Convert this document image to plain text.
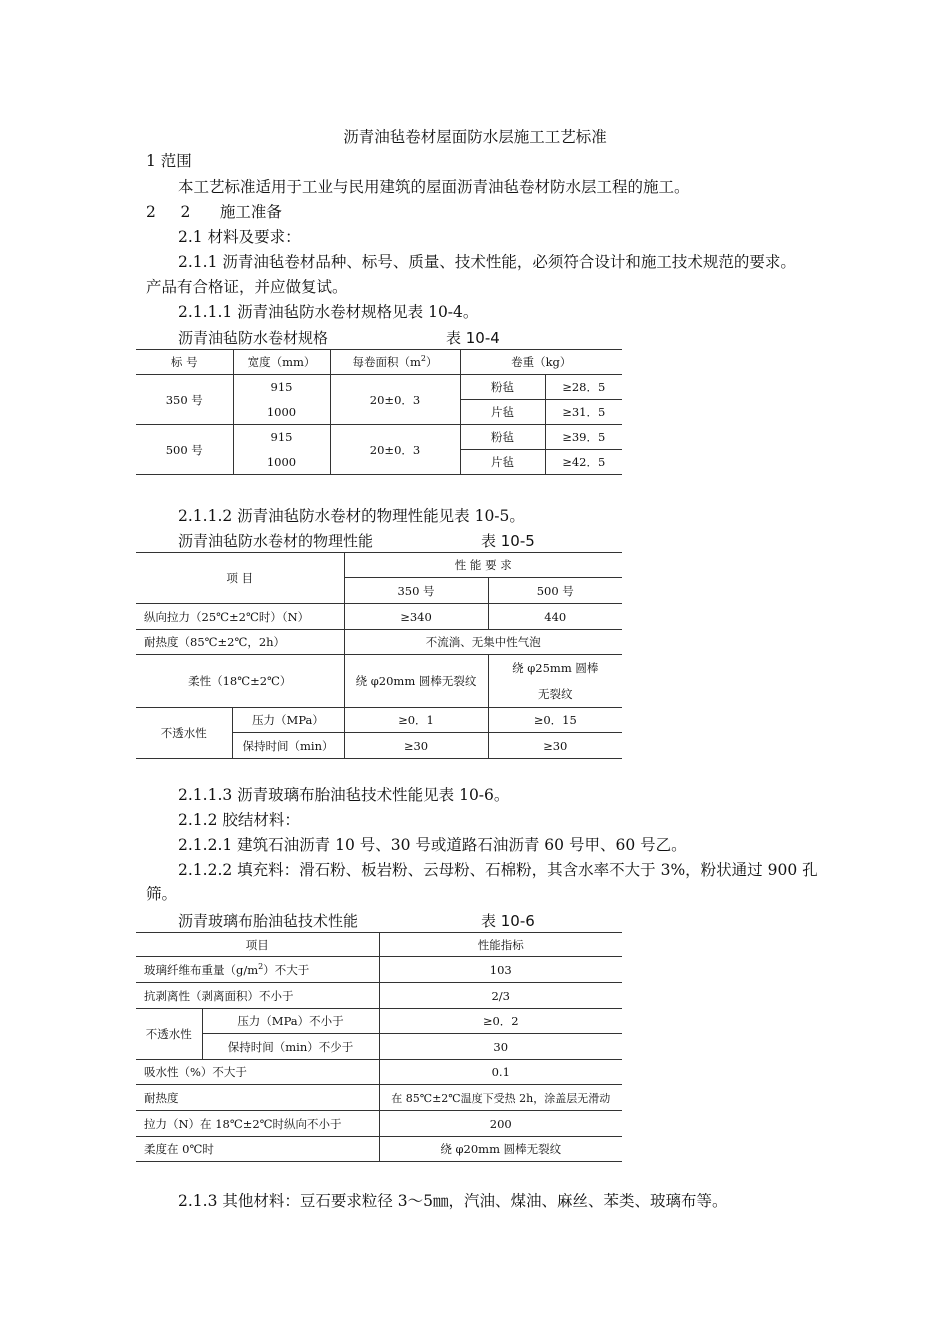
沥青油毡卷材屋面防水层施工工艺标准
1 范围
本工艺标准适用于工业与民用建筑的屋面沥青油毡卷材防水层工程的施工。
2     2      施工准备
2.1 材料及要求：
2.1.1 沥青油毡卷材品种、标号、质量、技术性能，必须符合设计和施工技术规范的要求。
产品有合格证，并应做复试。
2.1.1.1 沥青油毡防水卷材规格见表 10-4。
沥青油毡防水卷材规格	表 10-4
标 号	宽度（mm）	每卷面积$(m^2)$	卷重（kg）	
350 号	915	20±0．3	粉毡	≥28．5
	1000		片毡	≥31．5
500 号	915	20±0．3	粉毡	≥39．5
	1000		片毡	≥42．5
2.1.1.2 沥青油毡防水卷材的物理性能见表 10-5。
沥青油毡防水卷材的物理性能	表 10-5
项 目		性 能 要 求	
		350 号	500 号
纵向拉力（25℃±2℃时）（N）		≥340	440
耐热度（85℃±2℃，2h）		不流淌、无集中性气泡	
柔性（18℃±2℃）		绕 φ20mm 圆棒无裂纹	绕 φ25mm 圆棒无裂纹
不透水性	压力（MPa）	≥0．1	≥0．15
	保持时间（min）	≥30	≥30
2.1.1.3 沥青玻璃布胎油毡技术性能见表 10-6。
2.1.2 胶结材料：
2.1.2.1 建筑石油沥青 10 号、30 号或道路石油沥青 60 号甲、60 号乙。
2.1.2.2 填充料：滑石粉、板岩粉、云母粉、石棉粉，其含水率不大于 3%，粉状通过 900 孔
筛。
沥青玻璃布胎油毡技术性能	表 10-6
项目		性能指标
玻璃纤维布重量$(g/m^2)$不大于		103
抗剥离性（剥离面积）不小于		2/3
不透水性	压力（MPa）不小于	≥0．2
	保持时间（min）不少于	30
吸水性（%）不大于		0.1
耐热度		在 85℃±2℃温度下受热 2h，涂盖层无滑动
拉力（N）在 18℃±2℃时纵向不小于		200
柔度在 0℃时		绕 φ20mm 圆棒无裂纹
2.1.3 其他材料：豆石要求粒径 3～5㎜，汽油、煤油、麻丝、苯类、玻璃布等。
